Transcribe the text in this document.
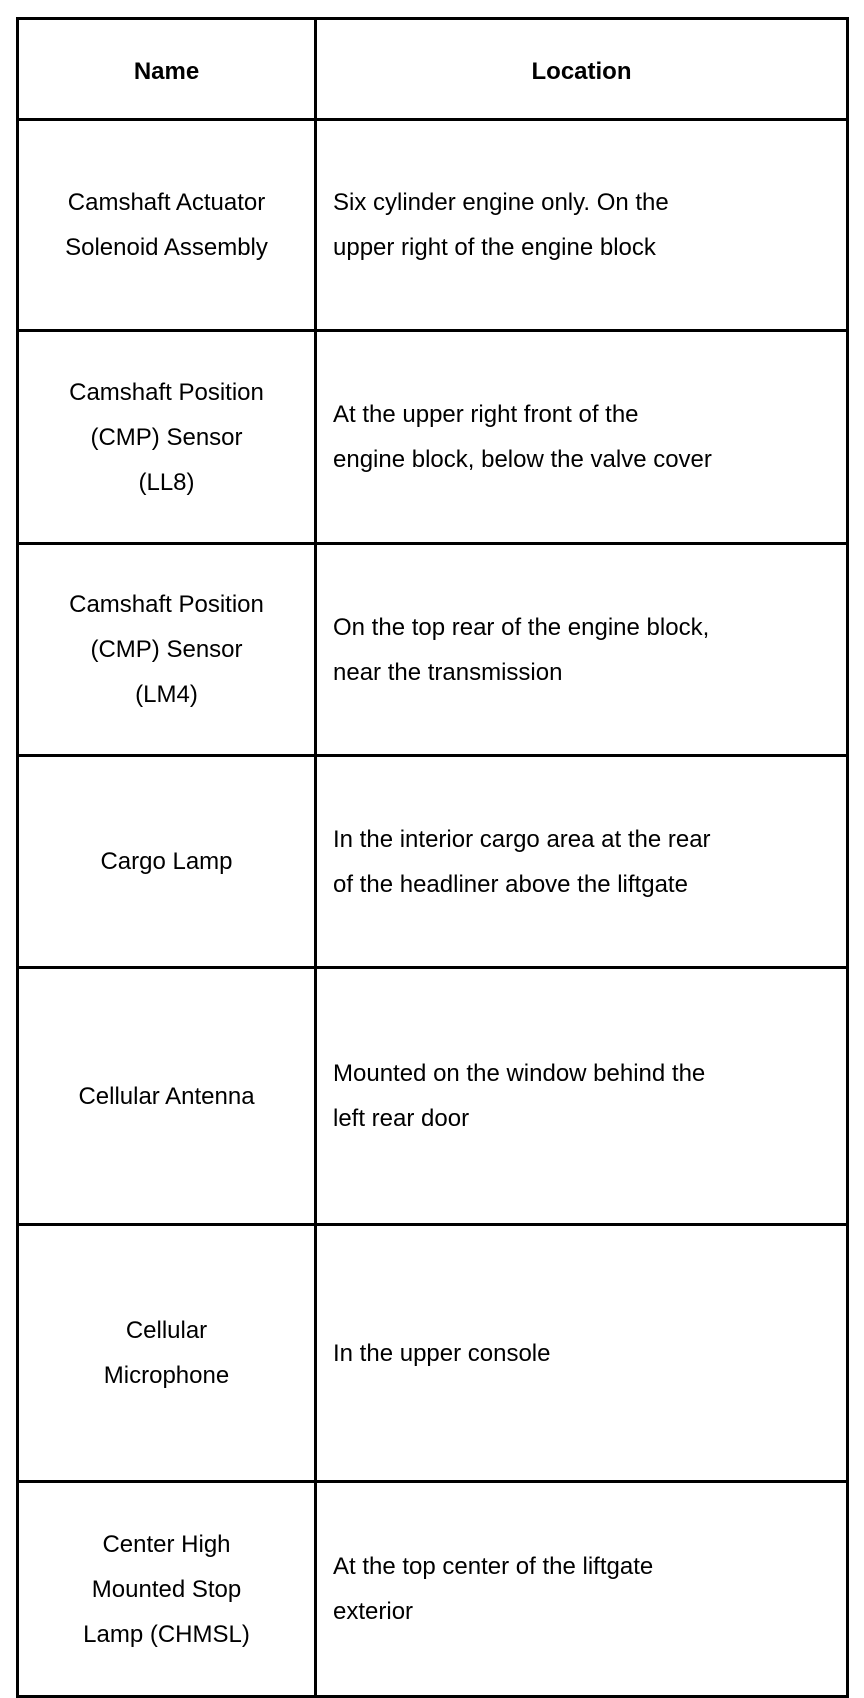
Name	Location

Camshaft Actuator
Solenoid Assembly	Six cylinder engine only. On the
upper right of the engine block

Camshaft Position
(CMP) Sensor
(LL8)	At the upper right front of the
engine block, below the valve cover

Camshaft Position
(CMP) Sensor
(LM4)	On the top rear of the engine block,
near the transmission

Cargo Lamp	In the interior cargo area at the rear
of the headliner above the liftgate

Cellular Antenna	Mounted on the window behind the
left rear door

Cellular
Microphone	In the upper console

Center High
Mounted Stop
Lamp (CHMSL)	At the top center of the liftgate
exterior
